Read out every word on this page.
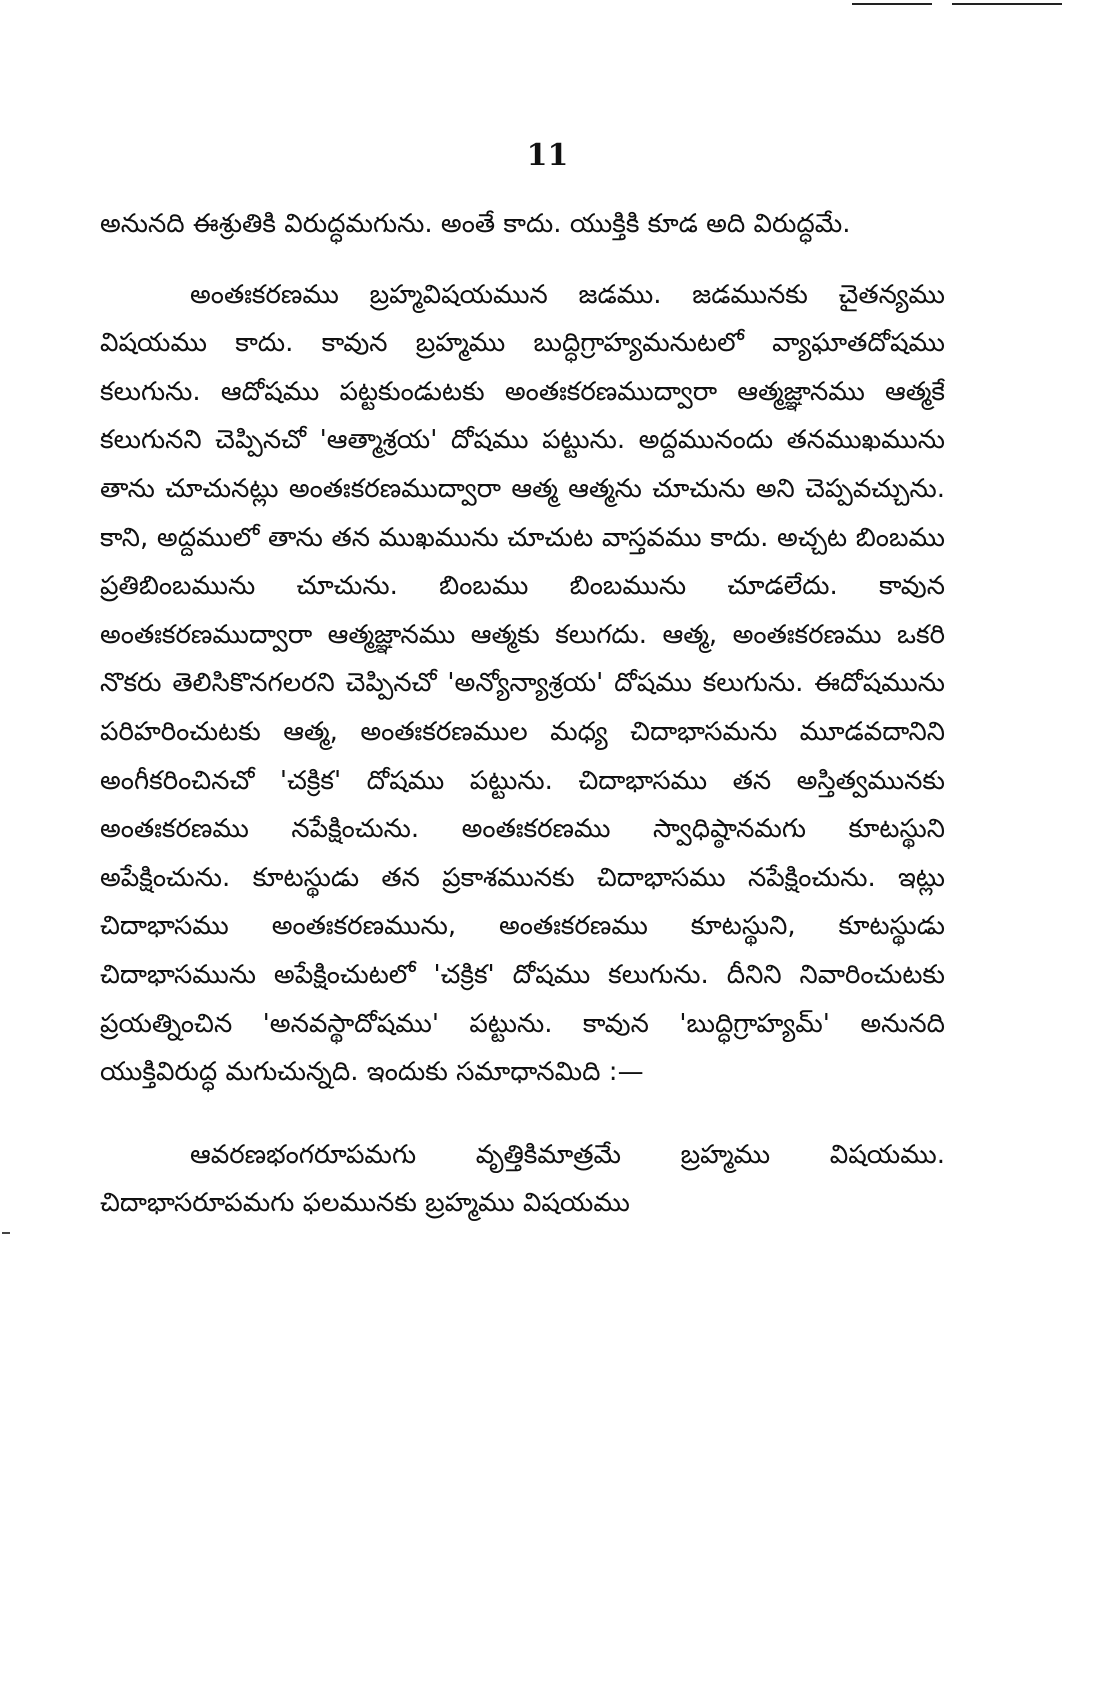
11

అనునది ఈశ్రుతికి విరుద్ధమగును. అంతే కాదు. యుక్తికి కూడ అది విరుద్ధమే.

అంతఃకరణము బ్రహ్మవిషయమున జడము. జడమునకు చైతన్యము విషయము కాదు. కావున బ్రహ్మము బుద్ధిగ్రాహ్యమనుటలో వ్యాఘాతదోషము కలుగును. ఆదోషము పట్టకుండుటకు అంతఃకరణముద్వారా ఆత్మజ్ఞానము ఆత్మకే కలుగునని చెప్పినచో 'ఆత్మాశ్రయ' దోషము పట్టును. అద్దమునందు తనముఖమును తాను చూచునట్లు అంతఃకరణముద్వారా ఆత్మ ఆత్మను చూచును అని చెప్పవచ్చును. కాని, అద్దములో తాను తన ముఖమును చూచుట వాస్తవము కాదు. అచ్చట బింబము ప్రతిబింబమును చూచును. బింబము బింబమును చూడలేదు. కావున అంతఃకరణముద్వారా ఆత్మజ్ఞానము ఆత్మకు కలుగదు. ఆత్మ, అంతఃకరణము ఒకరి నొకరు తెలిసికొనగలరని చెప్పినచో 'అన్యోన్యాశ్రయ' దోషము కలుగును. ఈదోషమును పరిహరించుటకు ఆత్మ, అంతఃకరణముల మధ్య చిదాభాసమను మూడవదానిని అంగీకరించినచో 'చక్రిక' దోషము పట్టును. చిదాభాసము తన అస్తిత్వమునకు అంతఃకరణము నపేక్షించును. అంతఃకరణము స్వాధిష్ఠానమగు కూటస్థుని అపేక్షించును. కూటస్థుడు తన ప్రకాశమునకు చిదాభాసము నపేక్షించును. ఇట్లు చిదాభాసము అంతఃకరణమును, అంతఃకరణము కూటస్థుని, కూటస్థుడు చిదాభాసమును అపేక్షించుటలో 'చక్రిక' దోషము కలుగును. దీనిని నివారించుటకు ప్రయత్నించిన 'అనవస్థాదోషము' పట్టును. కావున 'బుద్ధిగ్రాహ్యమ్' అనునది యుక్తివిరుద్ధ మగుచున్నది. ఇందుకు సమాధానమిది :—

ఆవరణభంగరూపమగు వృత్తికిమాత్రమే బ్రహ్మము విషయము. చిదాభాసరూపమగు ఫలమునకు బ్రహ్మము విషయము
